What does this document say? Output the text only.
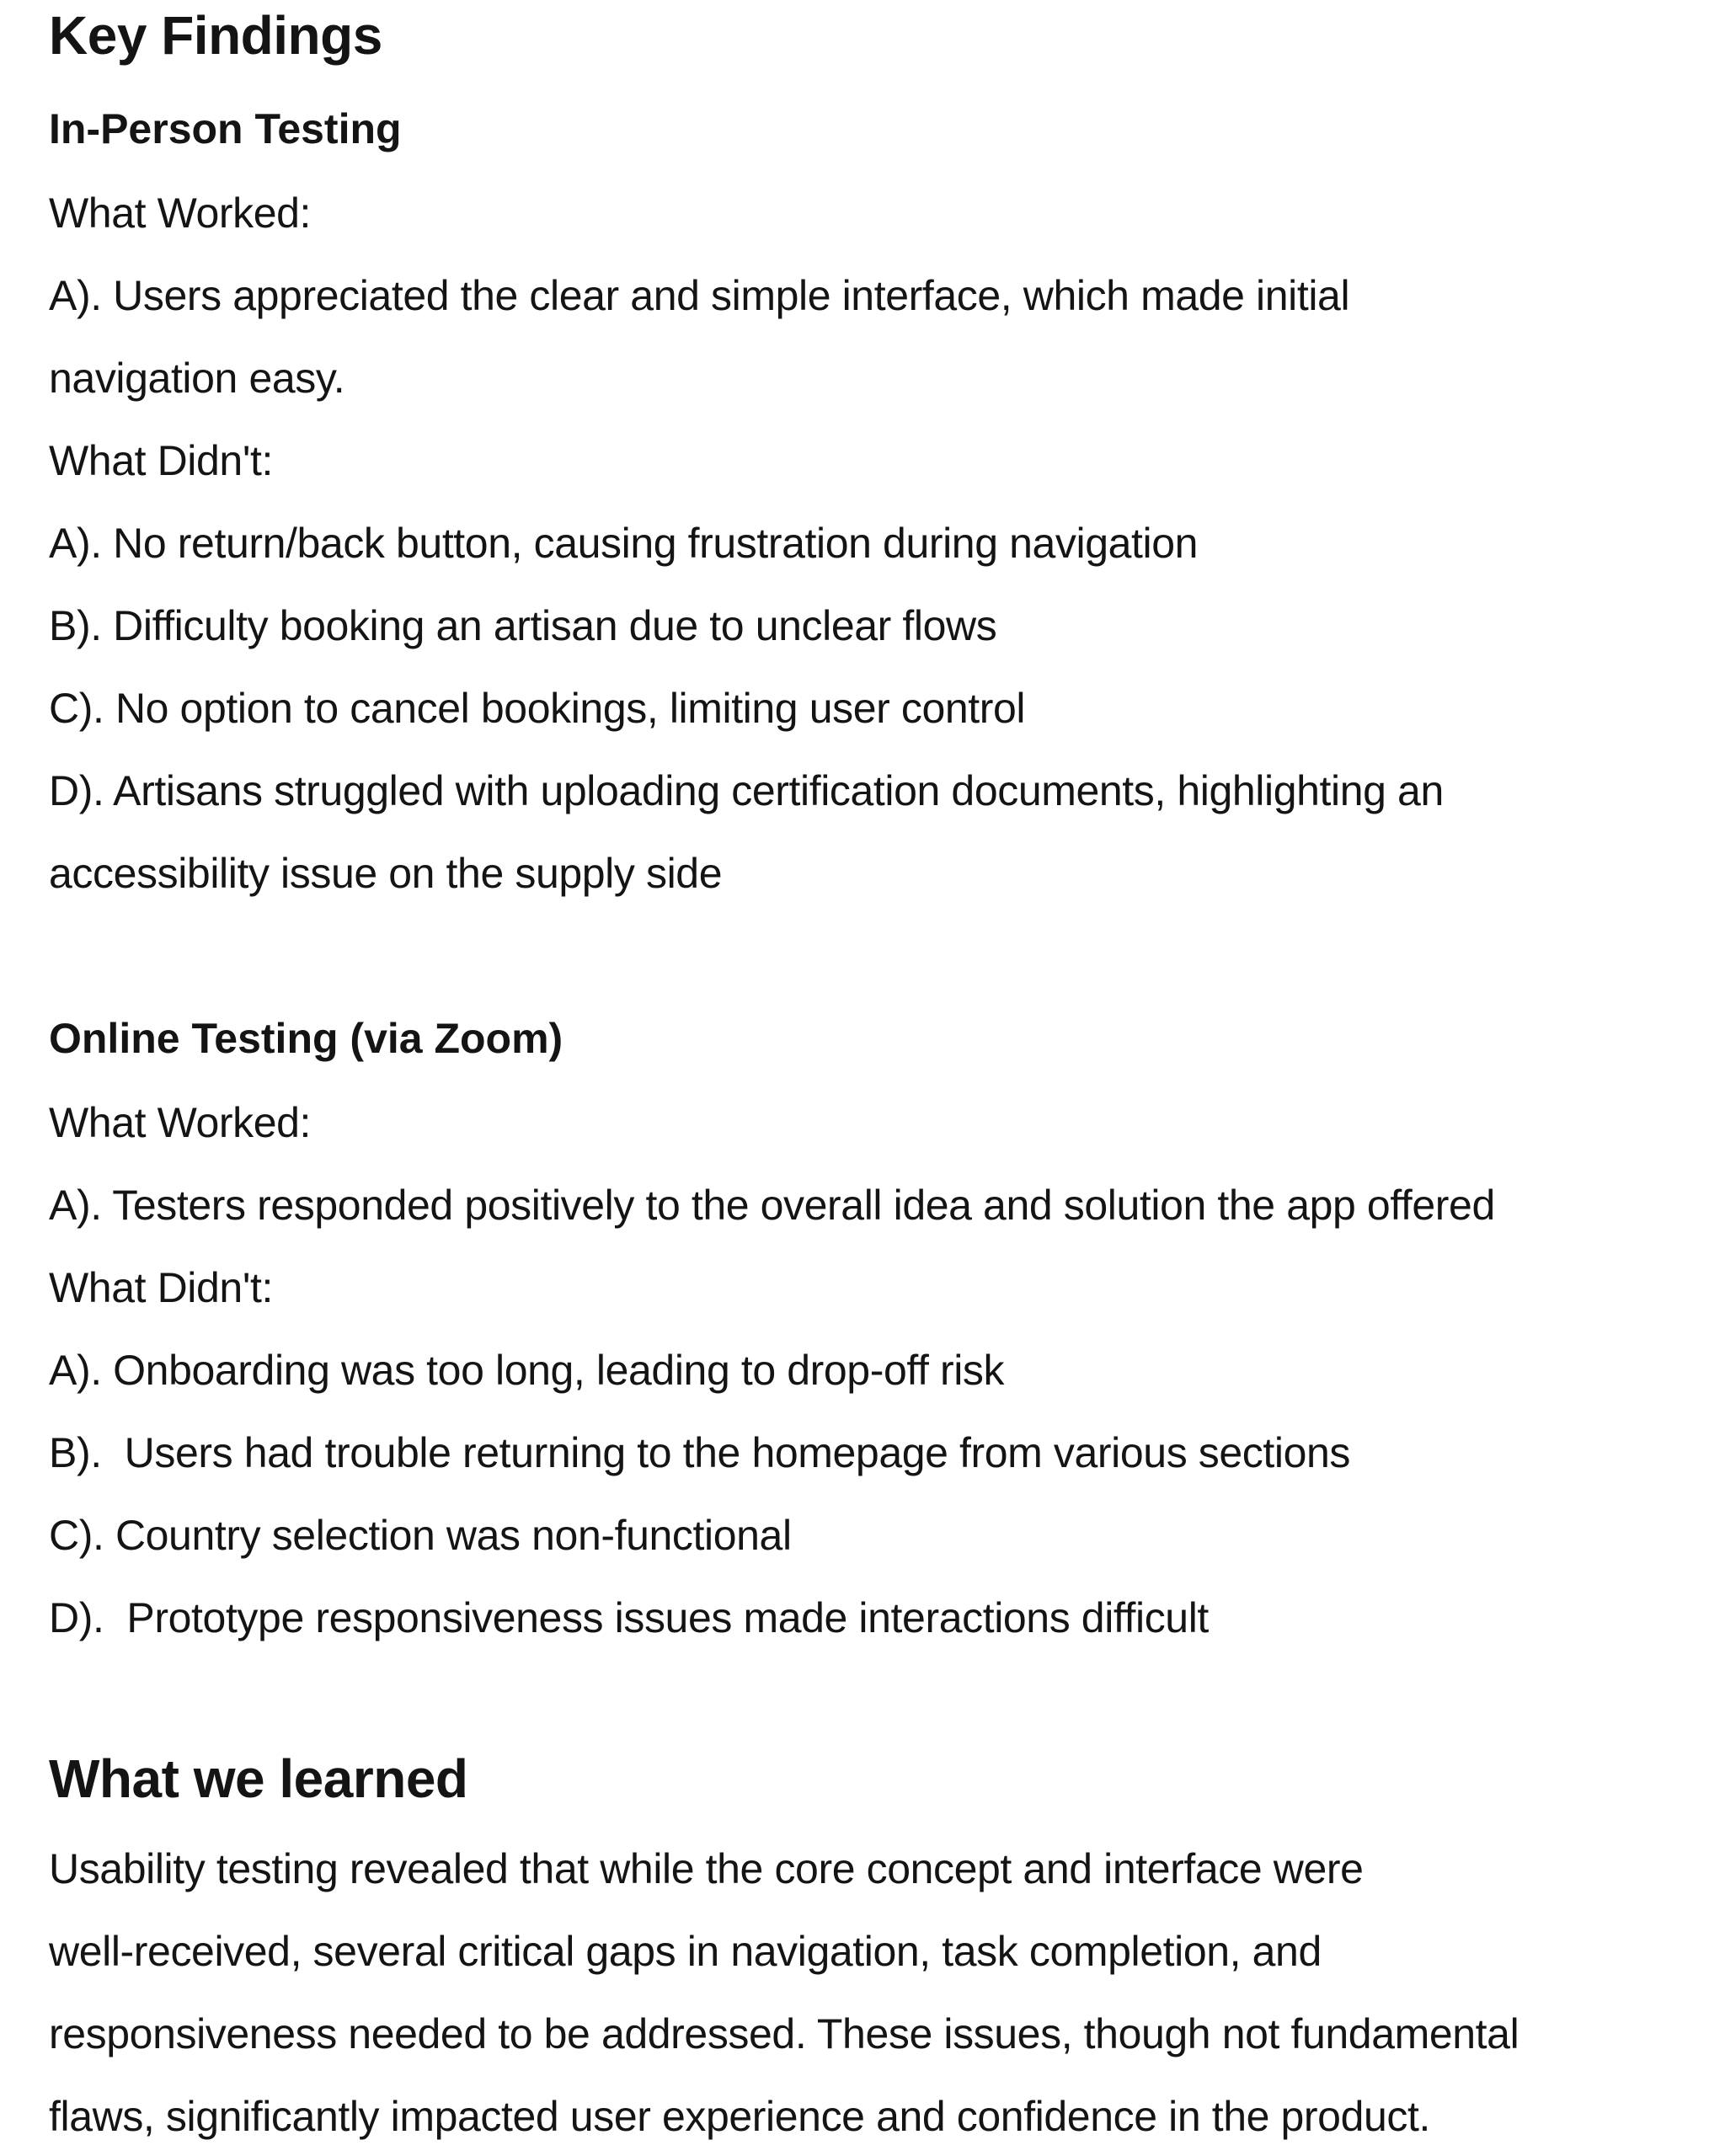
Key Findings
In-Person Testing

What Worked:

A). Users appreciated the clear and simple interface, which made initial

navigation easy.

What Didn't:

A). No return/back button, causing frustration during navigation

B). Difficulty booking an artisan due to unclear flows

C). No option to cancel bookings, limiting user control

D). Artisans struggled with uploading certification documents, highlighting an

accessibility issue on the supply side

Online Testing (via Zoom)

What Worked:

A). Testers responded positively to the overall idea and solution the app offered

What Didn't:

A). Onboarding was too long, leading to drop-off risk

B).  Users had trouble returning to the homepage from various sections

C). Country selection was non-functional

D).  Prototype responsiveness issues made interactions difficult

What we learned

Usability testing revealed that while the core concept and interface were

well-received, several critical gaps in navigation, task completion, and

responsiveness needed to be addressed. These issues, though not fundamental

flaws, significantly impacted user experience and confidence in the product.
